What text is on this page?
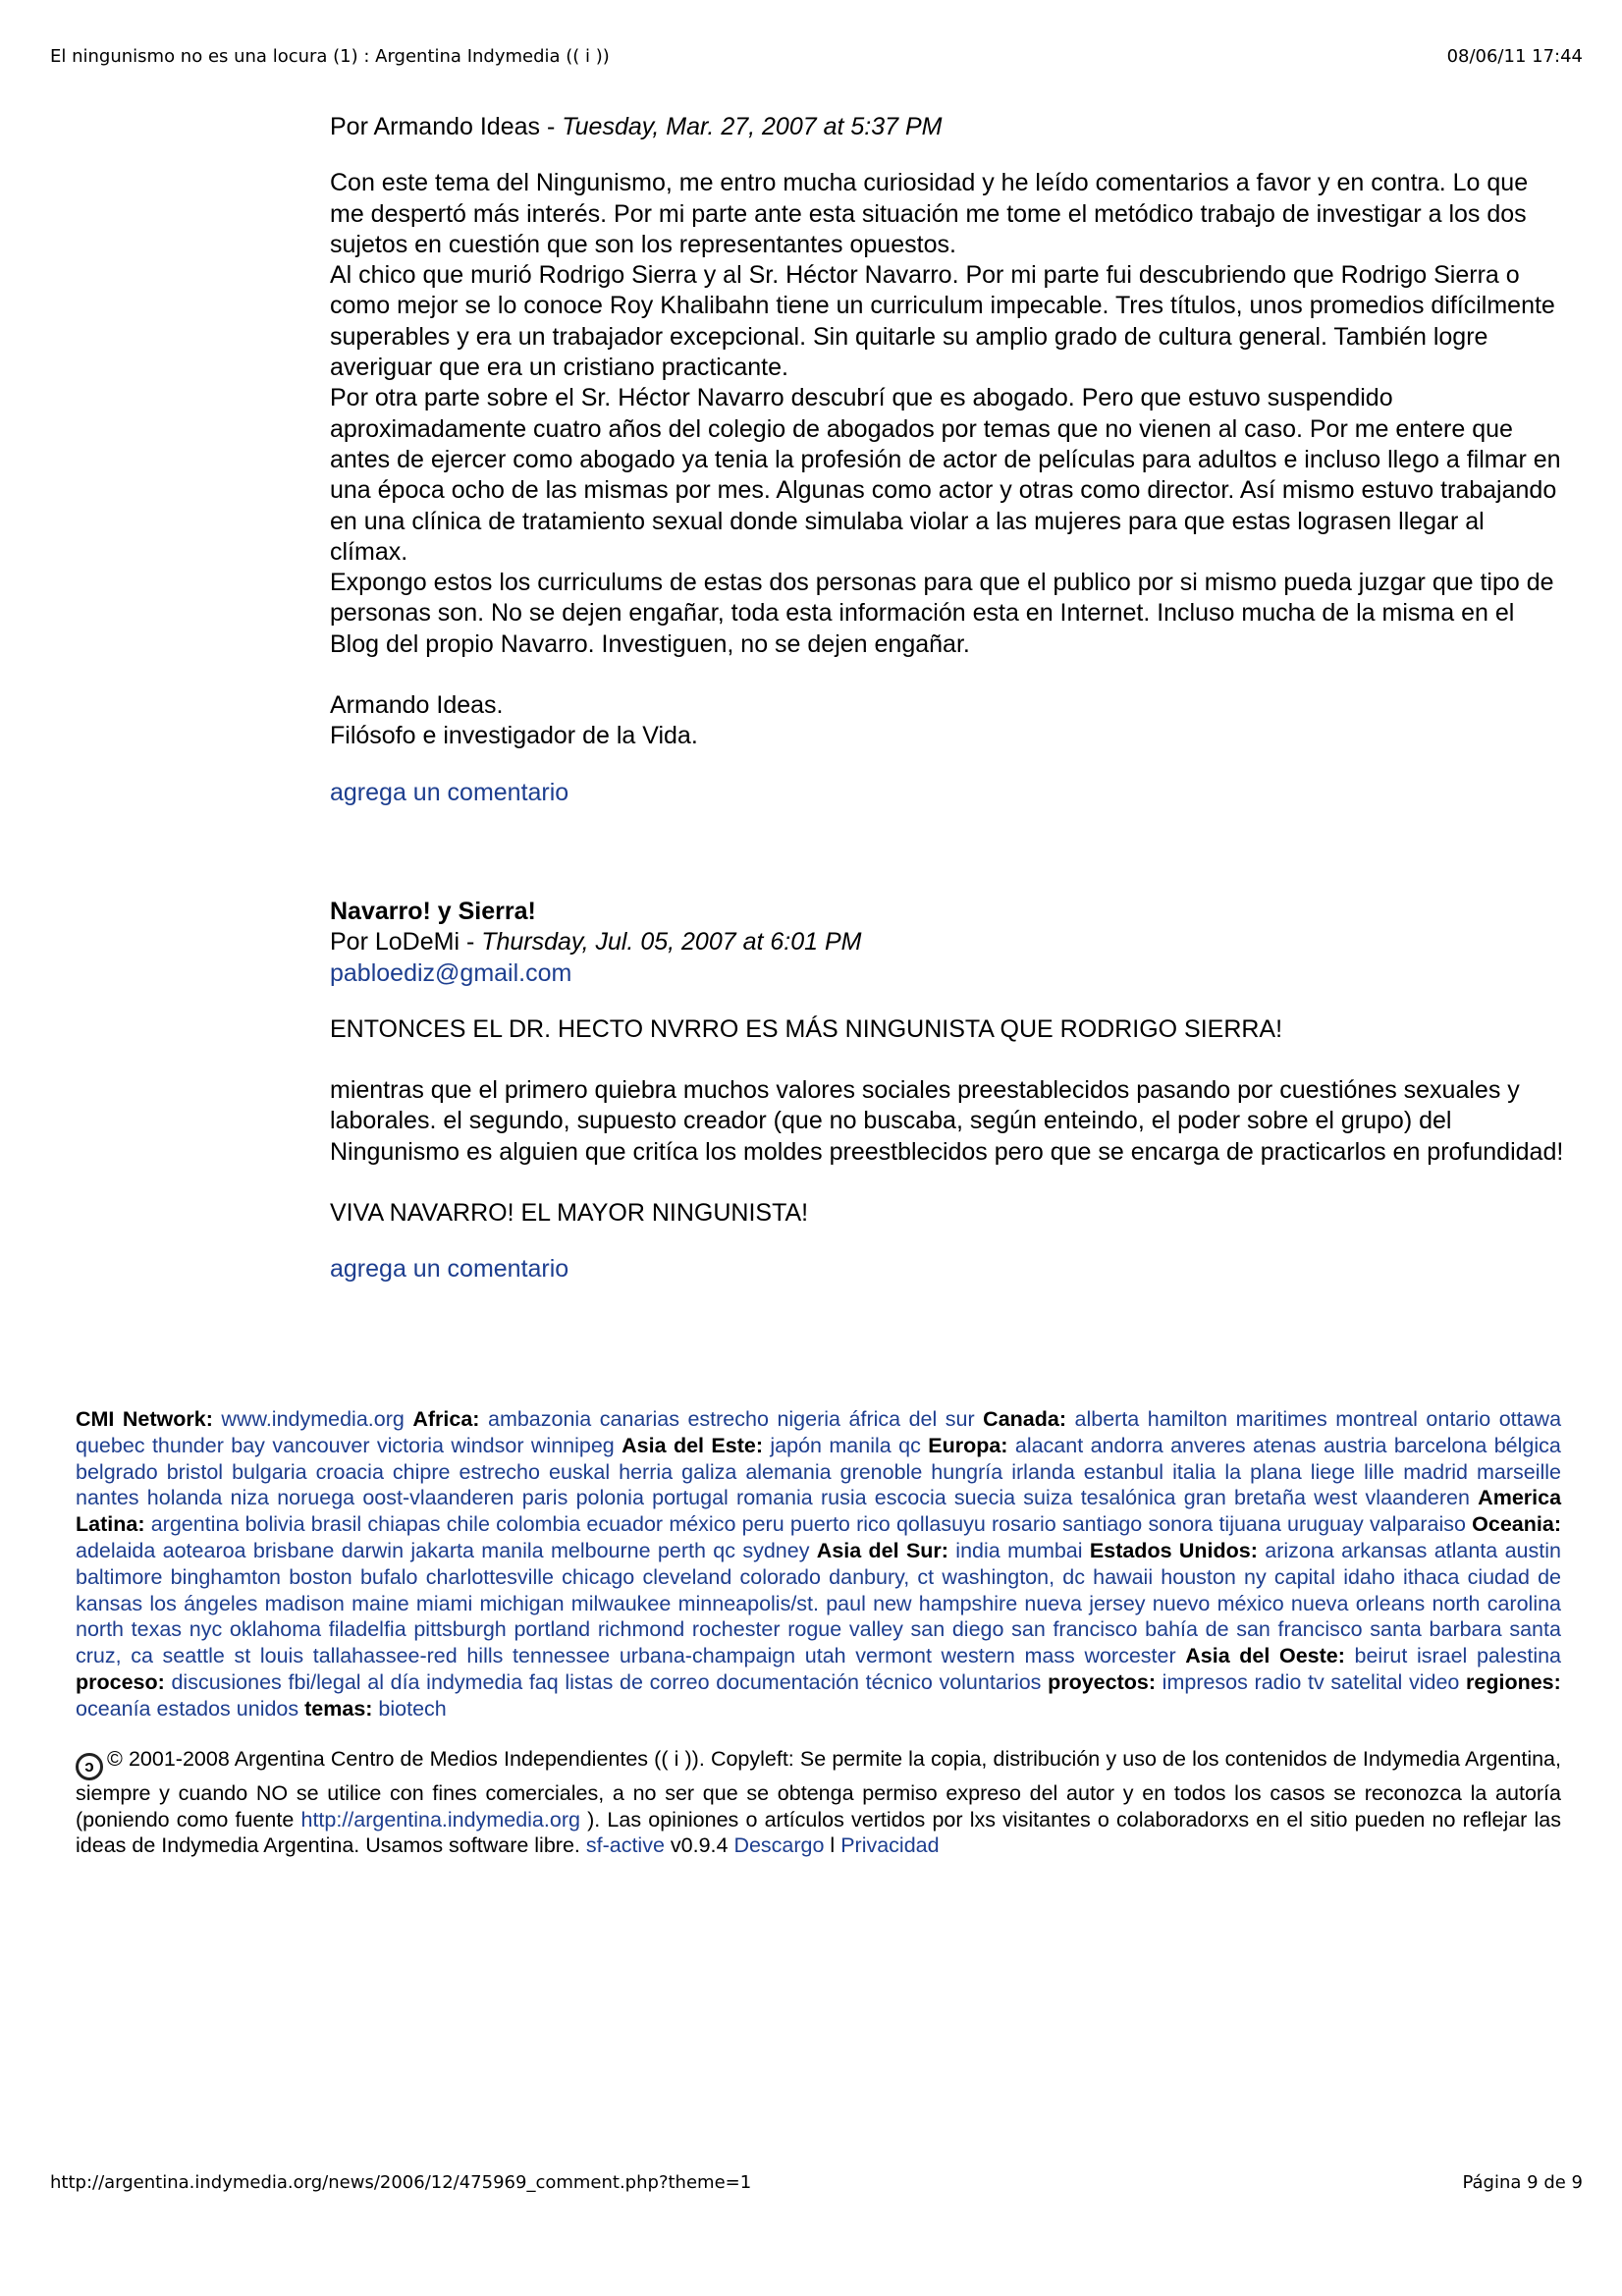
El ningunismo no es una locura (1) : Argentina Indymedia (( i ))	08/06/11 17:44

Por Armando Ideas - Tuesday, Mar. 27, 2007 at 5:37 PM

Con este tema del Ningunismo, me entro mucha curiosidad y he leído comentarios a favor y en contra. Lo que me despertó más interés. Por mi parte ante esta situación me tome el metódico trabajo de investigar a los dos sujetos en cuestión que son los representantes opuestos.

Al chico que murió Rodrigo Sierra y al Sr. Héctor Navarro. Por mi parte fui descubriendo que Rodrigo Sierra o como mejor se lo conoce Roy Khalibahn tiene un curriculum impecable. Tres títulos, unos promedios difícilmente superables y era un trabajador excepcional. Sin quitarle su amplio grado de cultura general. También logre averiguar que era un cristiano practicante.

Por otra parte sobre el Sr. Héctor Navarro descubrí que es abogado. Pero que estuvo suspendido aproximadamente cuatro años del colegio de abogados por temas que no vienen al caso. Por me entere que antes de ejercer como abogado ya tenia la profesión de actor de películas para adultos e incluso llego a filmar en una época ocho de las mismas por mes. Algunas como actor y otras como director. Así mismo estuvo trabajando en una clínica de tratamiento sexual donde simulaba violar a las mujeres para que estas lograsen llegar al clímax.

Expongo estos los curriculums de estas dos personas para que el publico por si mismo pueda juzgar que tipo de personas son. No se dejen engañar, toda esta información esta en Internet. Incluso mucha de la misma en el Blog del propio Navarro. Investiguen, no se dejen engañar.

Armando Ideas.

Filósofo e investigador de la Vida.

agrega un comentario

Navarro! y Sierra!

Por LoDeMi - Thursday, Jul. 05, 2007 at 6:01 PM

pabloediz@gmail.com

ENTONCES EL DR. HECTO NVRRO ES MÁS NINGUNISTA QUE RODRIGO SIERRA!

mientras que el primero quiebra muchos valores sociales preestablecidos pasando por cuestiónes sexuales y laborales. el segundo, supuesto creador (que no buscaba, según enteindo, el poder sobre el grupo) del Ningunismo es alguien que critíca los moldes preestblecidos pero que se encarga de practicarlos en profundidad!

VIVA NAVARRO! EL MAYOR NINGUNISTA!

agrega un comentario

CMI Network: www.indymedia.org Africa: ambazonia canarias estrecho nigeria áfrica del sur Canada: alberta hamilton maritimes montreal ontario ottawa quebec thunder bay vancouver victoria windsor winnipeg Asia del Este: japón manila qc Europa: alacant andorra anveres atenas austria barcelona bélgica belgrado bristol bulgaria croacia chipre estrecho euskal herria galiza alemania grenoble hungría irlanda estanbul italia la plana liege lille madrid marseille nantes holanda niza noruega oost-vlaanderen paris polonia portugal romania rusia escocia suecia suiza tesalónica gran bretaña west vlaanderen America Latina: argentina bolivia brasil chiapas chile colombia ecuador méxico peru puerto rico qollasuyu rosario santiago sonora tijuana uruguay valparaiso Oceania: adelaida aotearoa brisbane darwin jakarta manila melbourne perth qc sydney Asia del Sur: india mumbai Estados Unidos: arizona arkansas atlanta austin baltimore binghamton boston bufalo charlottesville chicago cleveland colorado danbury, ct washington, dc hawaii houston ny capital idaho ithaca ciudad de kansas los ángeles madison maine miami michigan milwaukee minneapolis/st. paul new hampshire nueva jersey nuevo méxico nueva orleans north carolina north texas nyc oklahoma filadelfia pittsburgh portland richmond rochester rogue valley san diego san francisco bahía de san francisco santa barbara santa cruz, ca seattle st louis tallahassee-red hills tennessee urbana-champaign utah vermont western mass worcester Asia del Oeste: beirut israel palestina proceso: discusiones fbi/legal al día indymedia faq listas de correo documentación técnico voluntarios proyectos: impresos radio tv satelital video regiones: oceanía estados unidos temas: biotech
ↄ © 2001-2008 Argentina Centro de Medios Independientes (( i )). Copyleft: Se permite la copia, distribución y uso de los contenidos de Indymedia Argentina, siempre y cuando NO se utilice con fines comerciales, a no ser que se obtenga permiso expreso del autor y en todos los casos se reconozca la autoría (poniendo como fuente http://argentina.indymedia.org ). Las opiniones o artículos vertidos por lxs visitantes o colaboradorxs en el sitio pueden no reflejar las ideas de Indymedia Argentina. Usamos software libre. sf-active v0.9.4 Descargo l Privacidad
http://argentina.indymedia.org/news/2006/12/475969_comment.php?theme=1	Página 9 de 9
